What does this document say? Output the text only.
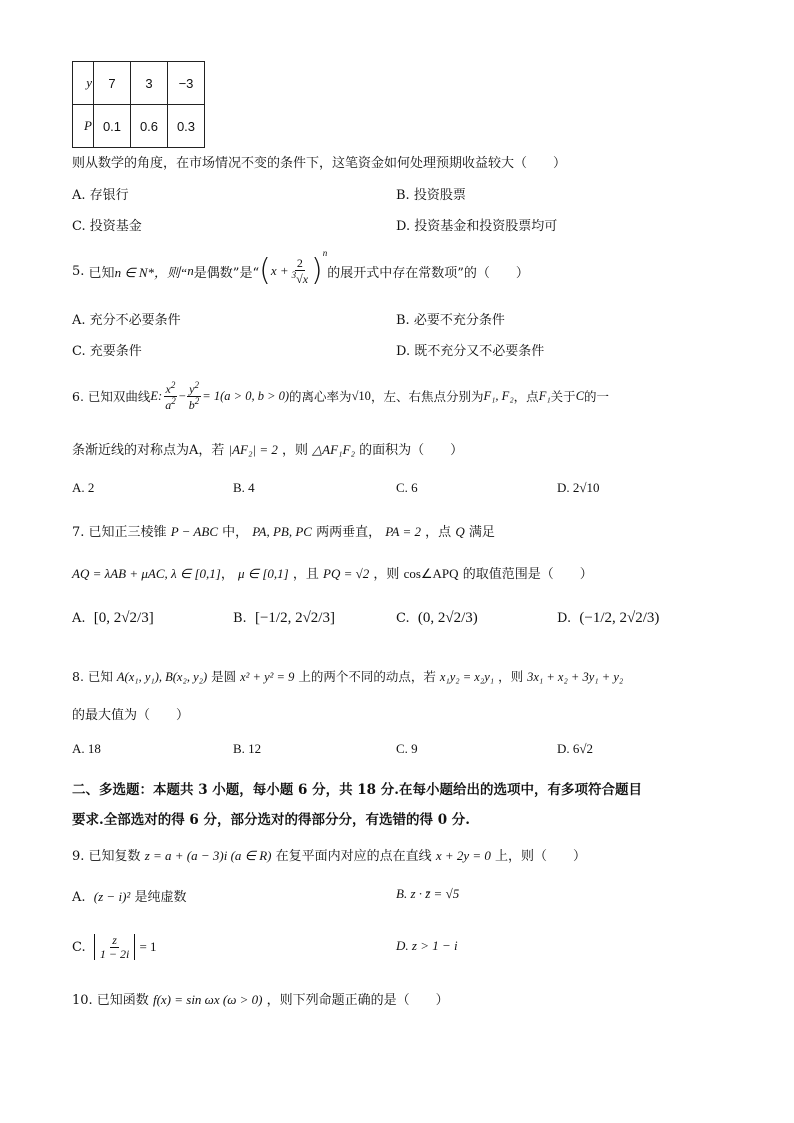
y	7	3	−3
P	0.1	0.6	0.3
则从数学的角度，在市场情况不变的条件下，这笔资金如何处理预期收益较大（　　）
A. 存银行	B. 投资股票
C. 投资基金	D. 投资基金和投资股票均可
5.
已知 n ∈ N*，则“ n 是偶数”是“ ( $x + \frac{2}{^3√x}$ ) n
的展开式中存在常数项”的（　　）
A. 充分不必要条件	B. 必要不充分条件
C. 充要条件	D. 既不充分又不必要条件
6. 已知双曲线 E: $\frac{x^2}{a^2} - \frac{y^2}{b^2} = 1(a > 0$, b > 0) 的离心率为 √10 ，左、右焦点分别为 F₁, F₂ ，点 F₁ 关于 C 的一
条渐近线的对称点为A，若 |AF₂| = 2 ，则 △AF₁F₂ 的面积为（　　）
A. 2	B. 4	C. 6	D. 2√10
7. 已知正三棱锥 P − ABC 中， PA, PB, PC 两两垂直， PA = 2 ，点 Q 满足
AQ = λAB + μAC, λ ∈ [0,1]， μ ∈ [0,1] ，且 PQ = √2 ，则 cos∠APQ 的取值范围是（　　）
A. [0, 2√2/3]	B. [−1/2, 2√2/3]	C. (0, 2√2/3)	D. (−1/2, 2√2/3)
8. 已知 A(x₁, y₁), B(x₂, y₂) 是圆 x² + y² = 9 上的两个不同的动点，若 x₁y₂ = x₂y₁ ，则 3x₁ + x₂ + 3y₁ + y₂
的最大值为（　　）
A. 18	B. 12	C. 9	D. 6√2
二、多选题：本题共 3 小题，每小题 6 分，共 18 分.在每小题给出的选项中，有多项符合题目
要求.全部选对的得 6 分，部分选对的得部分分，有选错的得 0 分.
9. 已知复数 z = a + (a − 3)i (a ∈ R) 在复平面内对应的点在直线 x + 2y = 0 上，则（　　）
A. (z − i)² 是纯虚数	B. z · z̄ = √5
C.
$\frac{z}{1 - 2i}$
= 1	D. z > 1 − i
10. 已知函数 f(x) = sin ωx (ω > 0) ，则下列命题正确的是（　　）
